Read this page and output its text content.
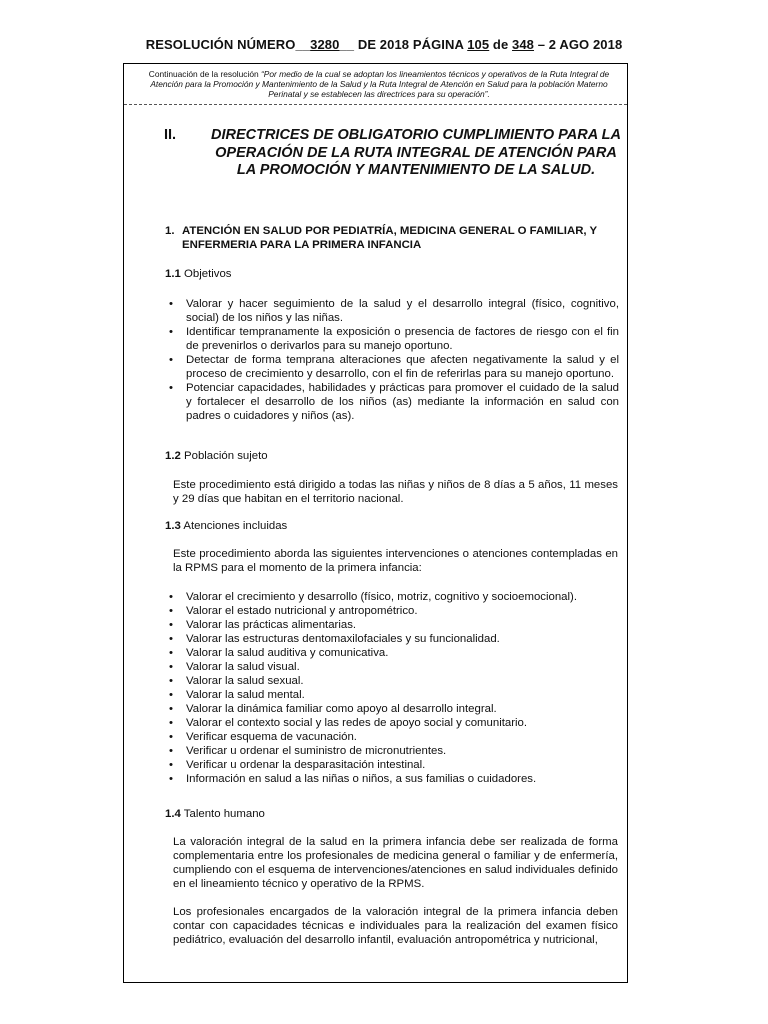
RESOLUCIÓN NÚMERO__3280__ DE 2018 PÁGINA 105 de 348 – 2 AGO 2018
Continuación de la resolución “Por medio de la cual se adoptan los lineamientos técnicos y operativos de la Ruta Integral de Atención para la Promoción y Mantenimiento de la Salud y la Ruta Integral de Atención en Salud para la población Materno Perinatal y se establecen las directrices para su operación”.
II. DIRECTRICES DE OBLIGATORIO CUMPLIMIENTO PARA LA OPERACIÓN DE LA RUTA INTEGRAL DE ATENCIÓN PARA LA PROMOCIÓN Y MANTENIMIENTO DE LA SALUD.
1. ATENCIÓN EN SALUD POR PEDIATRÍA, MEDICINA GENERAL O FAMILIAR, Y ENFERMERIA PARA LA PRIMERA INFANCIA
1.1 Objetivos
• Valorar y hacer seguimiento de la salud y el desarrollo integral (físico, cognitivo, social) de los niños y las niñas.
• Identificar tempranamente la exposición o presencia de factores de riesgo con el fin de prevenirlos o derivarlos para su manejo oportuno.
• Detectar de forma temprana alteraciones que afecten negativamente la salud y el proceso de crecimiento y desarrollo, con el fin de referirlas para su manejo oportuno.
• Potenciar capacidades, habilidades y prácticas para promover el cuidado de la salud y fortalecer el desarrollo de los niños (as) mediante la información en salud con padres o cuidadores y niños (as).
1.2 Población sujeto
Este procedimiento está dirigido a todas las niñas y niños de 8 días a 5 años, 11 meses y 29 días que habitan en el territorio nacional.
1.3 Atenciones incluidas
Este procedimiento aborda las siguientes intervenciones o atenciones contempladas en la RPMS para el momento de la primera infancia:
• Valorar el crecimiento y desarrollo (físico, motriz, cognitivo y socioemocional).
• Valorar el estado nutricional y antropométrico.
• Valorar las prácticas alimentarias.
• Valorar las estructuras dentomaxilofaciales y su funcionalidad.
• Valorar la salud auditiva y comunicativa.
• Valorar la salud visual.
• Valorar la salud sexual.
• Valorar la salud mental.
• Valorar la dinámica familiar como apoyo al desarrollo integral.
• Valorar el contexto social y las redes de apoyo social y comunitario.
• Verificar esquema de vacunación.
• Verificar u ordenar el suministro de micronutrientes.
• Verificar u ordenar la desparasitación intestinal.
• Información en salud a las niñas o niños, a sus familias o cuidadores.
1.4 Talento humano
La valoración integral de la salud en la primera infancia debe ser realizada de forma complementaria entre los profesionales de medicina general o familiar y de enfermería, cumpliendo con el esquema de intervenciones/atenciones en salud individuales definido en el lineamiento técnico y operativo de la RPMS.
Los profesionales encargados de la valoración integral de la primera infancia deben contar con capacidades técnicas e individuales para la realización del examen físico pediátrico, evaluación del desarrollo infantil, evaluación antropométrica y nutricional,
